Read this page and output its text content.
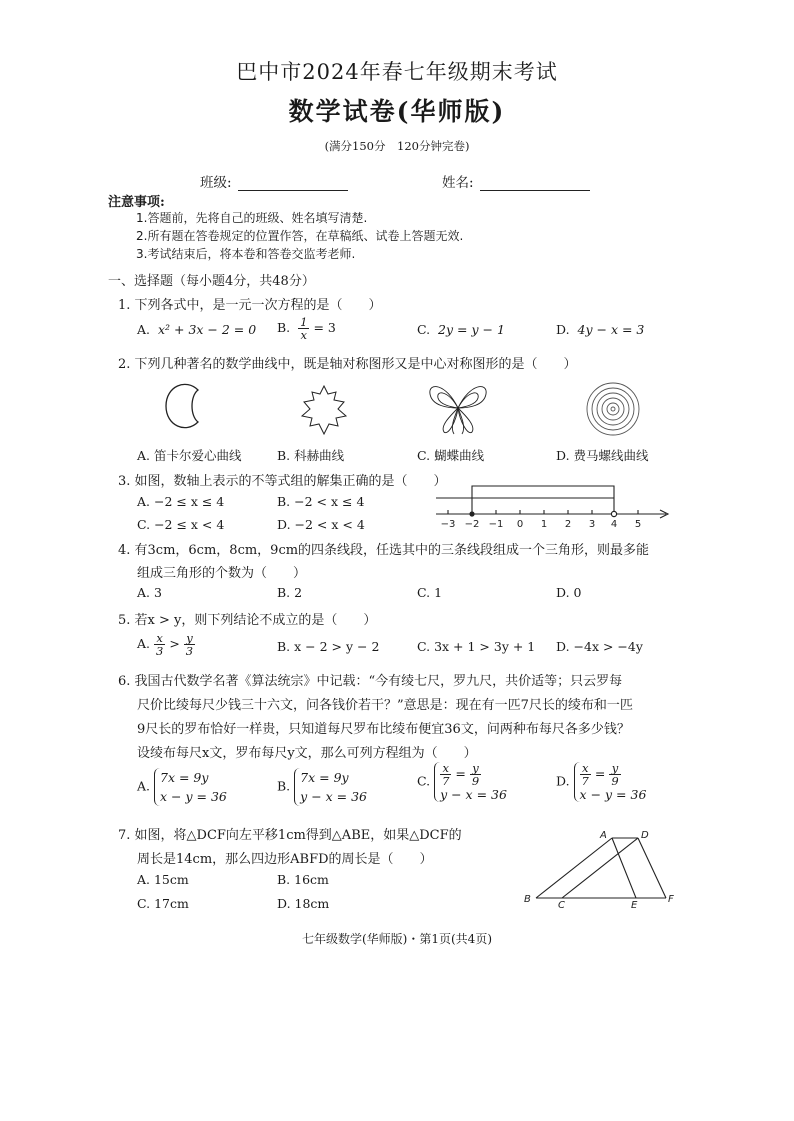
巴中市2024年春七年级期末考试
数学试卷(华师版)
(满分150分　120分钟完卷)
班级:	姓名:
注意事项:
1.答题前，先将自己的班级、姓名填写清楚.
2.所有题在答卷规定的位置作答，在草稿纸、试卷上答题无效.
3.考试结束后，将本卷和答卷交监考老师.
一、选择题（每小题4分，共48分）
1. 下列各式中，是一元一次方程的是（　　）
A. x² + 3x − 2 = 0 B. $\frac{1}{x} = 3$	C. 2y = y − 1	D. 4y − x = 3
2. 下列几种著名的数学曲线中，既是轴对称图形又是中心对称图形的是（　　）
A. 笛卡尔爱心曲线	B. 科赫曲线	C. 蝴蝶曲线	D. 费马螺线曲线
3. 如图，数轴上表示的不等式组的解集正确的是（　　）
A. −2 ≤ x ≤ 4	B. −2 < x ≤ 4
C. −2 ≤ x < 4	D. −2 < x < 4	−3 −2 −1 0 1 2 3 4 5
4. 有3cm，6cm，8cm，9cm的四条线段，任选其中的三条线段组成一个三角形，则最多能
组成三角形的个数为（　　）
A. 3	B. 2	C. 1	D. 0
5. 若x > y，则下列结论不成立的是（　　）
A. $\frac{x}{3} > \frac{y}{3}$	B. x − 2 > y − 2	C. 3x + 1 > 3y + 1 D. −4x > −4y
6. 我国古代数学名著《算法统宗》中记载：“今有绫七尺，罗九尺，共价适等；只云罗每
尺价比绫每尺少钱三十六文，问各钱价若干？”意思是：现在有一匹7尺长的绫布和一匹
9尺长的罗布恰好一样贵，只知道每尺罗布比绫布便宜36文，问两种布每尺各多少钱？
设绫布每尺x文，罗布每尺y文，那么可列方程组为（　　）
A. 7x = 9y
x − y = 36
B. 7x = 9y
y − x = 36
C. $\frac{x}{7} = \frac{y}{9}$

y − x = 36
D. $\frac{x}{7} = \frac{y}{9}$

x − y = 36
7. 如图，将△DCF向左平移1cm得到△ABE，如果△DCF的
周长是14cm，那么四边形ABFD的周长是（　　）
A. 15cm	B. 16cm
C. 17cm	D. 18cm
A	D
B
C	E
F
七年级数学(华师版)・第1页(共4页)
